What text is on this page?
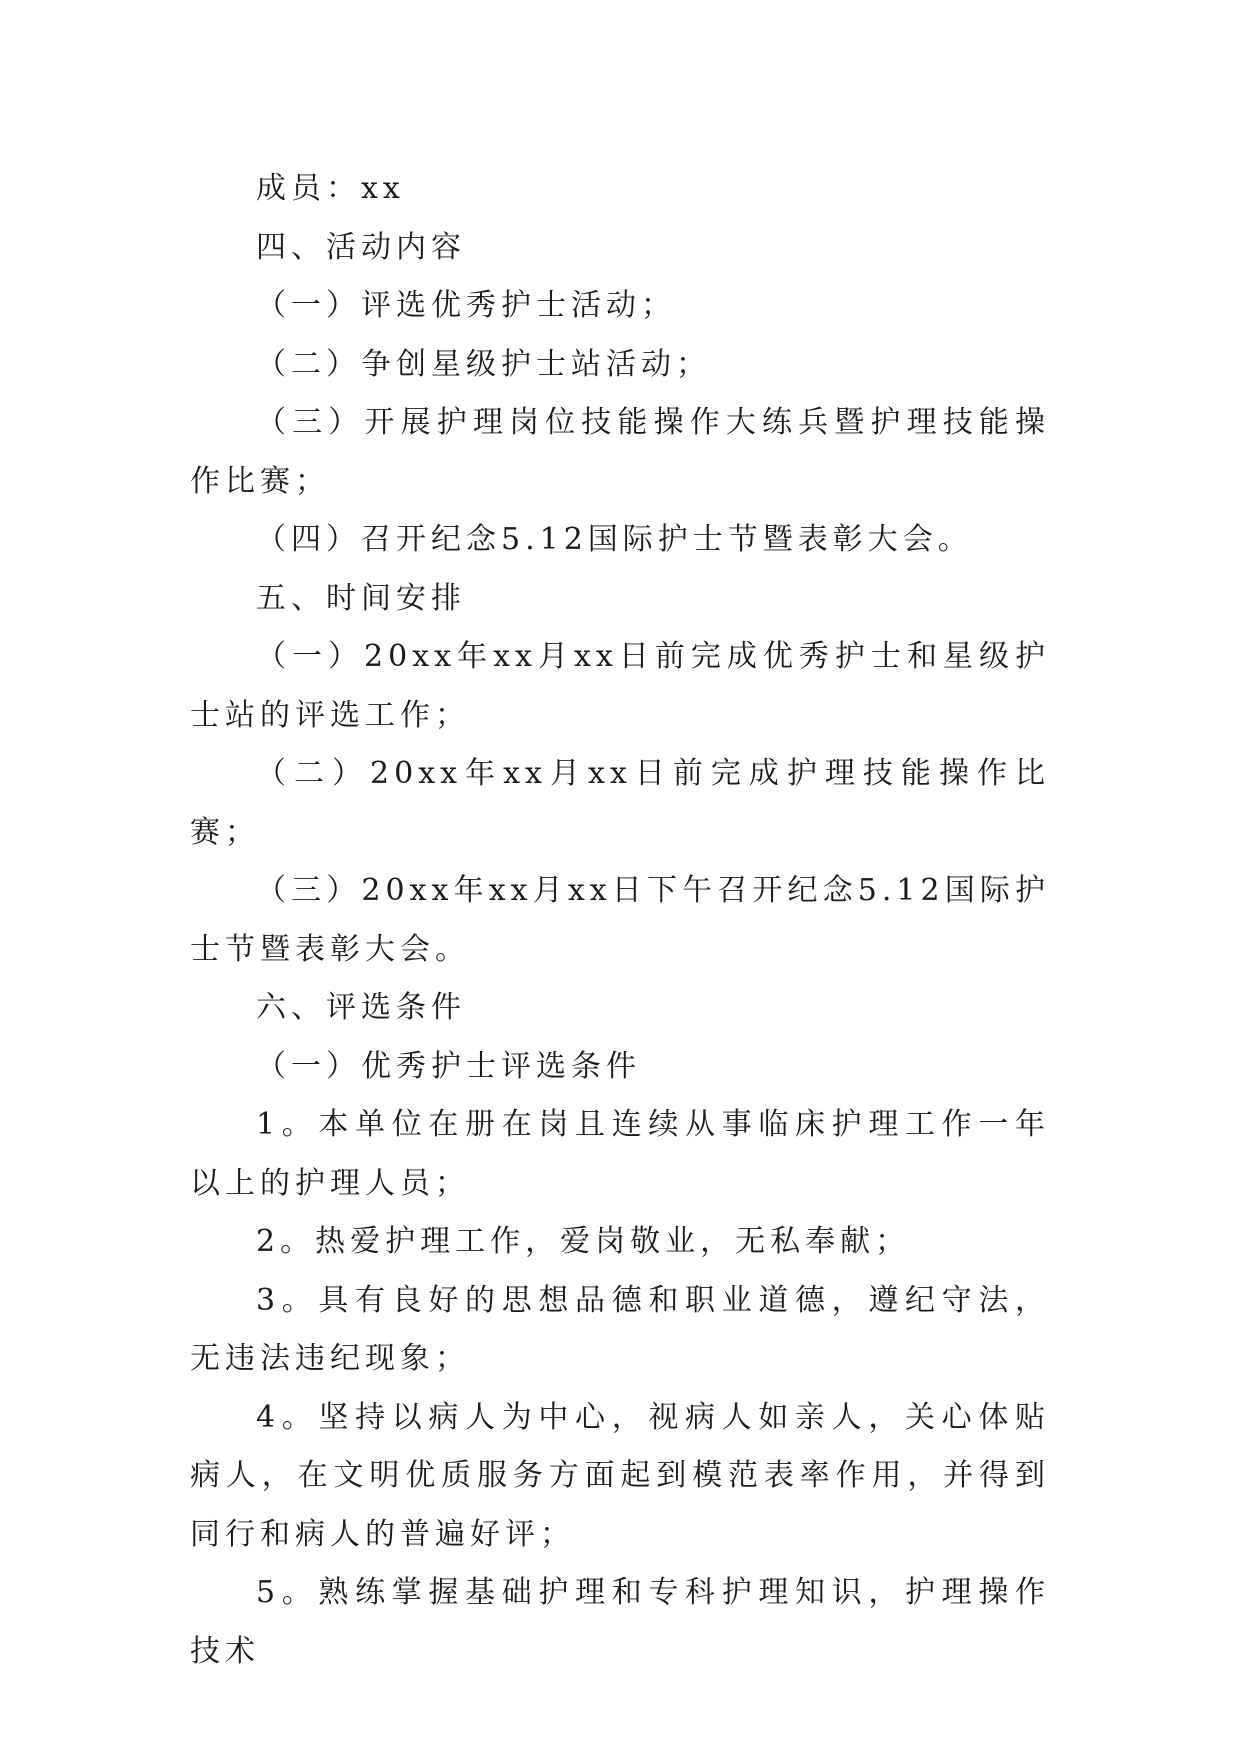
成员：xx

四、活动内容

（一）评选优秀护士活动；

（二）争创星级护士站活动；

（三）开展护理岗位技能操作大练兵暨护理技能操作比赛；

（四）召开纪念5.12国际护士节暨表彰大会。

五、时间安排

（一）20xx年xx月xx日前完成优秀护士和星级护士站的评选工作；

（二）20xx年xx月xx日前完成护理技能操作比赛；

（三）20xx年xx月xx日下午召开纪念5.12国际护士节暨表彰大会。

六、评选条件

（一）优秀护士评选条件

1。本单位在册在岗且连续从事临床护理工作一年以上的护理人员；

2。热爱护理工作，爱岗敬业，无私奉献；

3。具有良好的思想品德和职业道德，遵纪守法，无违法违纪现象；

4。坚持以病人为中心，视病人如亲人，关心体贴病人，在文明优质服务方面起到模范表率作用，并得到同行和病人的普遍好评；

5。熟练掌握基础护理和专科护理知识，护理操作技术
